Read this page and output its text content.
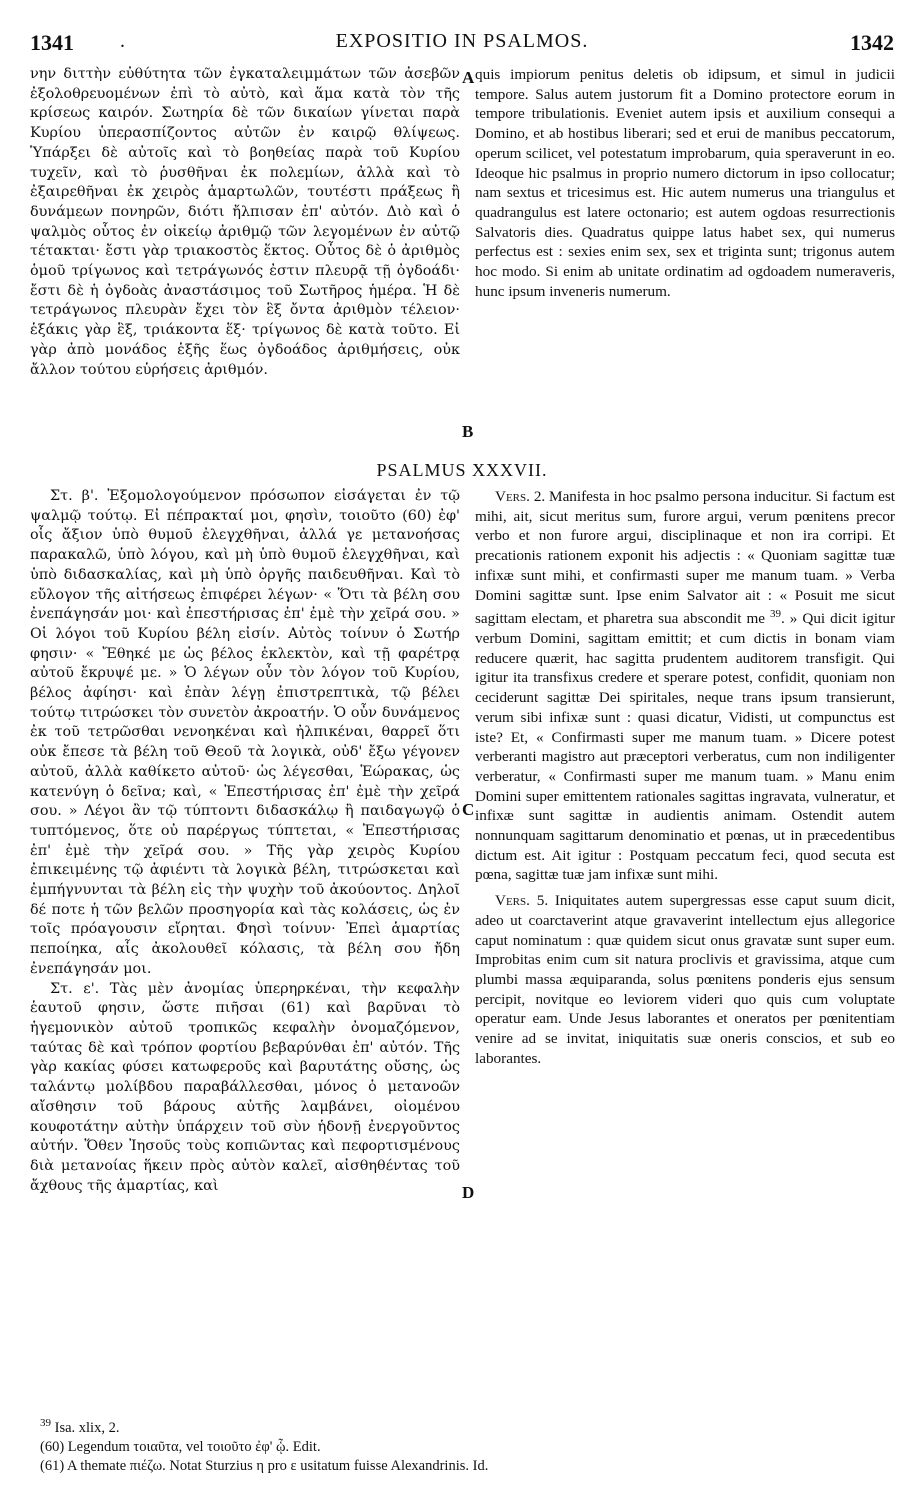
1341 .	EXPOSITIO IN PSALMOS.	1342

νην διττὴν εὐθύτητα τῶν ἐγκαταλειμμάτων τῶν ἀσεβῶν ἐξολοθρευομένων ἐπὶ τὸ αὐτὸ, καὶ ἅμα κατὰ τὸν τῆς κρίσεως καιρόν. Σωτηρία δὲ τῶν δικαίων γίνεται παρὰ Κυρίου ὑπερασπίζοντος αὐτῶν ἐν καιρῷ θλίψεως. Ὑπάρξει δὲ αὐτοῖς καὶ τὸ βοηθείας παρὰ τοῦ Κυρίου τυχεῖν, καὶ τὸ ῥυσθῆναι ἐκ πολεμίων, ἀλλὰ καὶ τὸ ἐξαιρεθῆναι ἐκ χειρὸς ἁμαρτωλῶν, τουτέστι πράξεως ἢ δυνάμεων πονηρῶν, διότι ἤλπισαν ἐπ' αὐτόν. Διὸ καὶ ὁ ψαλμὸς οὗτος ἐν οἰκείῳ ἀριθμῷ τῶν λεγομένων ἐν αὐτῷ τέτακται· ἔστι γὰρ τριακοστὸς ἕκτος. Οὗτος δὲ ὁ ἀριθμὸς ὁμοῦ τρίγωνος καὶ τετράγωνός ἐστιν πλευρᾷ τῇ ὀγδοάδι· ἔστι δὲ ἡ ὀγδοὰς ἀναστάσιμος τοῦ Σωτῆρος ἡμέρα. Ἡ δὲ τετράγωνος πλευρὰν ἔχει τὸν ἓξ ὄντα ἀριθμὸν τέλειον· ἑξάκις γὰρ ἓξ, τριάκοντα ἕξ· τρίγωνος δὲ κατὰ τοῦτο. Εἰ γὰρ ἀπὸ μονάδος ἑξῆς ἕως ὀγδοάδος ἀριθμήσεις, οὐκ ἄλλον τούτου εὑρήσεις ἀριθμόν.

quis impiorum penitus deletis ob idipsum, et simul in judicii tempore. Salus autem justorum fit a Domino protectore eorum in tempore tribulationis. Eveniet autem ipsis et auxilium consequi a Domino, et ab hostibus liberari; sed et erui de manibus peccatorum, operum scilicet, vel potestatum improbarum, quia speraverunt in eo. Ideoque hic psalmus in proprio numero dictorum in ipso collocatur; nam sextus et tricesimus est. Hic autem numerus una triangulus et quadrangulus est latere octonario; est autem ogdoas resurrectionis Salvatoris dies. Quadratus quippe latus habet sex, qui numerus perfectus est : sexies enim sex, sex et triginta sunt; trigonus autem hoc modo. Si enim ab unitate ordinatim ad ogdoadem numeraveris, hunc ipsum inveneris numerum.

A
B
PSALMUS XXXVII.

Στ. β'. Ἐξομολογούμενον πρόσωπον εἰσάγεται ἐν τῷ ψαλμῷ τούτῳ. Εἰ πέπρακταί μοι, φησὶν, τοιοῦτο (60) ἐφ' οἷς ἄξιον ὑπὸ θυμοῦ ἐλεγχθῆναι, ἀλλά γε μετανοήσας παρακαλῶ, ὑπὸ λόγου, καὶ μὴ ὑπὸ θυμοῦ ἐλεγχθῆναι, καὶ ὑπὸ διδασκαλίας, καὶ μὴ ὑπὸ ὀργῆς παιδευθῆναι. Καὶ τὸ εὔλογον τῆς αἰτήσεως ἐπιφέρει λέγων· « Ὅτι τὰ βέλη σου ἐνεπάγησάν μοι· καὶ ἐπεστήρισας ἐπ' ἐμὲ τὴν χεῖρά σου. » Οἱ λόγοι τοῦ Κυρίου βέλη εἰσίν. Αὐτὸς τοίνυν ὁ Σωτήρ φησιν· « Ἔθηκέ με ὡς βέλος ἐκλεκτὸν, καὶ τῇ φαρέτρᾳ αὐτοῦ ἔκρυψέ με. » Ὁ λέγων οὖν τὸν λόγον τοῦ Κυρίου, βέλος ἀφίησι· καὶ ἐπὰν λέγῃ ἐπιστρεπτικὰ, τῷ βέλει τούτῳ τιτρώσκει τὸν συνετὸν ἀκροατήν. Ὁ οὖν δυνάμενος ἐκ τοῦ τετρῶσθαι νενοηκέναι καὶ ἠλπικέναι, θαρρεῖ ὅτι οὐκ ἔπεσε τὰ βέλη τοῦ Θεοῦ τὰ λογικὰ, οὐδ' ἔξω γέγονεν αὐτοῦ, ἀλλὰ καθίκετο αὐτοῦ· ὡς λέγεσθαι, Ἑώρακας, ὡς κατενύγη ὁ δεῖνα; καὶ, « Ἐπεστήρισας ἐπ' ἐμὲ τὴν χεῖρά σου. » Λέγοι ἂν τῷ τύπτοντι διδασκάλῳ ἢ παιδαγωγῷ ὁ τυπτόμενος, ὅτε οὐ παρέργως τύπτεται, « Ἐπεστήρισας ἐπ' ἐμὲ τὴν χεῖρά σου. » Τῆς γὰρ χειρὸς Κυρίου ἐπικειμένης τῷ ἀφιέντι τὰ λογικὰ βέλη, τιτρώσκεται καὶ ἐμπήγνυνται τὰ βέλη εἰς τὴν ψυχὴν τοῦ ἀκούοντος. Δηλοῖ δέ ποτε ἡ τῶν βελῶν προσηγορία καὶ τὰς κολάσεις, ὡς ἐν τοῖς πρόαγουσιν εἴρηται. Φησὶ τοίνυν· Ἐπεὶ ἁμαρτίας πεποίηκα, αἷς ἀκολουθεῖ κόλασις, τὰ βέλη σου ἤδη ἐνεπάγησάν μοι.

Στ. ε'. Τὰς μὲν ἀνομίας ὑπερηρκέναι, τὴν κεφαλὴν ἑαυτοῦ φησιν, ὥστε πιῆσαι (61) καὶ βαρῦναι τὸ ἡγεμονικὸν αὐτοῦ τροπικῶς κεφαλὴν ὀνομαζόμενον, ταύτας δὲ καὶ τρόπον φορτίου βεβαρύνθαι ἐπ' αὐτόν. Τῆς γὰρ κακίας φύσει κατωφεροῦς καὶ βαρυτάτης οὔσης, ὡς ταλάντῳ μολίβδου παραβάλλεσθαι, μόνος ὁ μετανοῶν αἴσθησιν τοῦ βάρους αὐτῆς λαμβάνει, οἰομένου κουφοτάτην αὐτὴν ὑπάρχειν τοῦ σὺν ἡδονῇ ἐνεργοῦντος αὐτήν. Ὅθεν Ἰησοῦς τοὺς κοπιῶντας καὶ πεφορτισμένους διὰ μετανοίας ἥκειν πρὸς αὐτὸν καλεῖ, αἰσθηθέντας τοῦ ἄχθους τῆς ἁμαρτίας, καὶ

Vers. 2. Manifesta in hoc psalmo persona inducitur. Si factum est mihi, ait, sicut meritus sum, furore argui, verum pœnitens precor verbo et non furore argui, disciplinaque et non ira corripi. Et precationis rationem exponit his adjectis : « Quoniam sagittæ tuæ infixæ sunt mihi, et confirmasti super me manum tuam. » Verba Domini sagittæ sunt. Ipse enim Salvator ait : « Posuit me sicut sagittam electam, et pharetra sua abscondit me $^{39}$. » Qui dicit igitur verbum Domini, sagittam emittit; et cum dictis in bonam viam reducere quærit, hac sagitta prudentem auditorem transfigit. Qui igitur ita transfixus credere et sperare potest, confidit, quoniam non ceciderunt sagittæ Dei spiritales, neque trans ipsum transierunt, verum sibi infixæ sunt : quasi dicatur, Vidisti, ut compunctus est iste? Et, « Confirmasti super me manum tuam. » Dicere potest verberanti magistro aut præceptori verberatus, cum non indiligenter verberatur, « Confirmasti super me manum tuam. » Manu enim Domini super emittentem rationales sagittas ingravata, vulneratur, et infixæ sunt sagittæ in audientis animam. Ostendit autem nonnunquam sagittarum denominatio et pœnas, ut in præcedentibus dictum est. Ait igitur : Postquam peccatum feci, quod secuta est pœna, sagittæ tuæ jam infixæ sunt mihi.

Vers. 5. Iniquitates autem supergressas esse caput suum dicit, adeo ut coarctaverint atque gravaverint intellectum ejus allegorice caput nominatum : quæ quidem sicut onus gravatæ sunt super eum. Improbitas enim cum sit natura proclivis et gravissima, atque cum plumbi massa æquiparanda, solus pœnitens ponderis ejus sensum percipit, novitque eo leviorem videri quo quis cum voluptate operatur eam. Unde Jesus laborantes et oneratos per pœnitentiam venire ad se invitat, iniquitatis suæ oneris conscios, et sub eo laborantes.

C
D
$^{39}$ Isa. xlix, 2.
(60) Legendum τοιαῦτα, vel τοιοῦτο ἐφ' ᾧ. Edit.
(61) A themate πιέζω. Notat Sturzius η pro ε usitatum fuisse Alexandrinis. Id.
